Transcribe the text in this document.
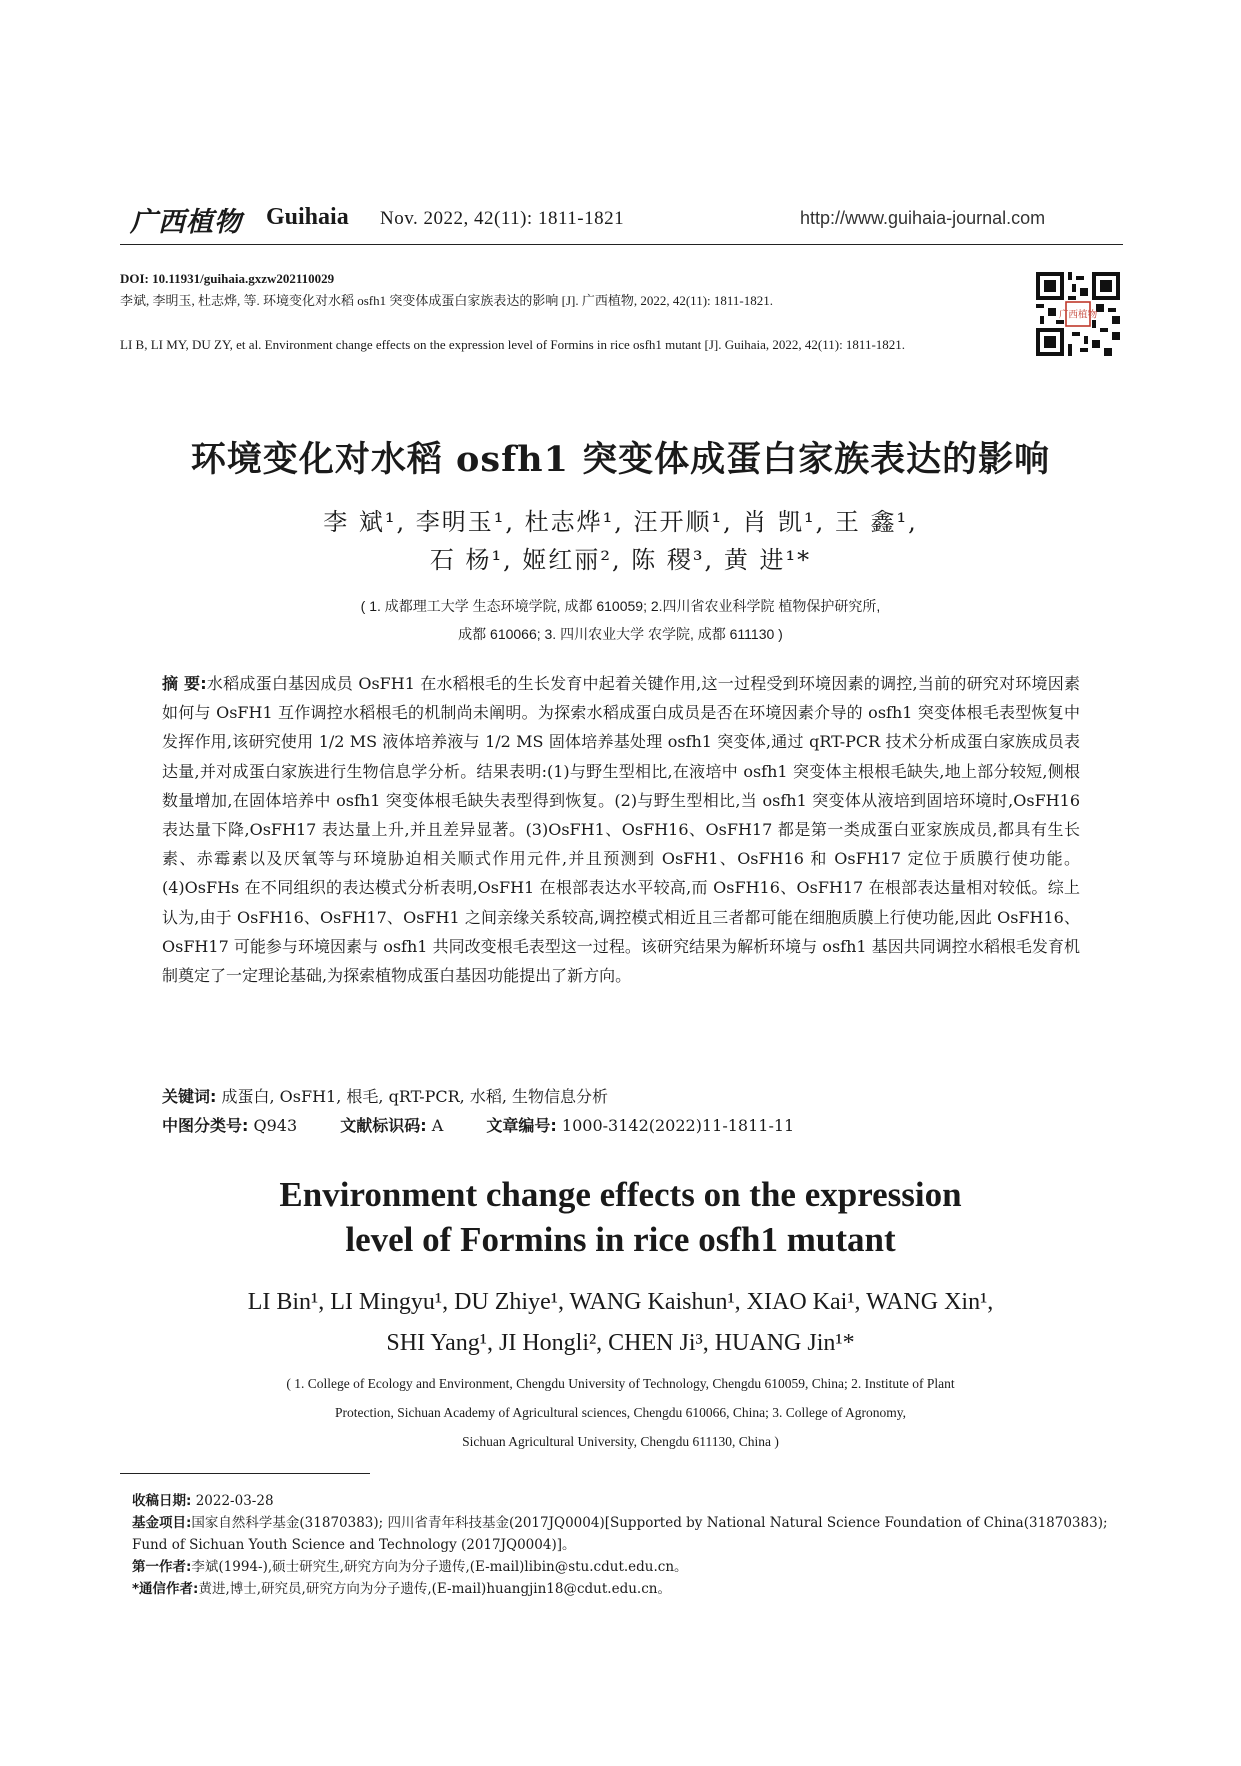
广西植物 Guihaia Nov. 2022, 42(11): 1811-1821	http://www.guihaia-journal.com
DOI: 10.11931/guihaia.gxzw202110029
李斌, 李明玉, 杜志烨, 等. 环境变化对水稻 osfh1 突变体成蛋白家族表达的影响 [J]. 广西植物, 2022, 42(11): 1811-1821.
LI B, LI MY, DU ZY, et al. Environment change effects on the expression level of Formins in rice osfh1 mutant [J]. Guihaia, 2022, 42(11): 1811-1821.
广西植物
环境变化对水稻 osfh1 突变体成蛋白家族表达的影响
李 斌¹, 李明玉¹, 杜志烨¹, 汪开顺¹, 肖 凯¹, 王 鑫¹,
石 杨¹, 姬红丽², 陈 稷³, 黄 进¹*
( 1. 成都理工大学 生态环境学院, 成都 610059; 2.四川省农业科学院 植物保护研究所,
成都 610066; 3. 四川农业大学 农学院, 成都 611130 )
摘 要:水稻成蛋白基因成员 OsFH1 在水稻根毛的生长发育中起着关键作用,这一过程受到环境因素的调控,当前的研究对环境因素如何与 OsFH1 互作调控水稻根毛的机制尚未阐明。为探索水稻成蛋白成员是否在环境因素介导的 osfh1 突变体根毛表型恢复中发挥作用,该研究使用 1/2 MS 液体培养液与 1/2 MS 固体培养基处理 osfh1 突变体,通过 qRT-PCR 技术分析成蛋白家族成员表达量,并对成蛋白家族进行生物信息学分析。结果表明:(1)与野生型相比,在液培中 osfh1 突变体主根根毛缺失,地上部分较短,侧根数量增加,在固体培养中 osfh1 突变体根毛缺失表型得到恢复。(2)与野生型相比,当 osfh1 突变体从液培到固培环境时,OsFH16 表达量下降,OsFH17 表达量上升,并且差异显著。(3)OsFH1、OsFH16、OsFH17 都是第一类成蛋白亚家族成员,都具有生长素、赤霉素以及厌氧等与环境胁迫相关顺式作用元件,并且预测到 OsFH1、OsFH16 和 OsFH17 定位于质膜行使功能。(4)OsFHs 在不同组织的表达模式分析表明,OsFH1 在根部表达水平较高,而 OsFH16、OsFH17 在根部表达量相对较低。综上认为,由于 OsFH16、OsFH17、OsFH1 之间亲缘关系较高,调控模式相近且三者都可能在细胞质膜上行使功能,因此 OsFH16、OsFH17 可能参与环境因素与 osfh1 共同改变根毛表型这一过程。该研究结果为解析环境与 osfh1 基因共同调控水稻根毛发育机制奠定了一定理论基础,为探索植物成蛋白基因功能提出了新方向。
关键词: 成蛋白, OsFH1, 根毛, qRT-PCR, 水稻, 生物信息分析
中图分类号: Q943	文献标识码: A	文章编号: 1000-3142(2022)11-1811-11
Environment change effects on the expression
level of Formins in rice osfh1 mutant
LI Bin¹, LI Mingyu¹, DU Zhiye¹, WANG Kaishun¹, XIAO Kai¹, WANG Xin¹,
SHI Yang¹, JI Hongli², CHEN Ji³, HUANG Jin¹*
( 1. College of Ecology and Environment, Chengdu University of Technology, Chengdu 610059, China; 2. Institute of Plant
Protection, Sichuan Academy of Agricultural sciences, Chengdu 610066, China; 3. College of Agronomy,
Sichuan Agricultural University, Chengdu 611130, China )
收稿日期: 2022-03-28
基金项目:国家自然科学基金(31870383); 四川省青年科技基金(2017JQ0004)[Supported by National Natural Science Foundation of China(31870383); Fund of Sichuan Youth Science and Technology (2017JQ0004)]。
第一作者:李斌(1994-),硕士研究生,研究方向为分子遗传,(E-mail)libin@stu.cdut.edu.cn。
*通信作者:黄进,博士,研究员,研究方向为分子遗传,(E-mail)huangjin18@cdut.edu.cn。
